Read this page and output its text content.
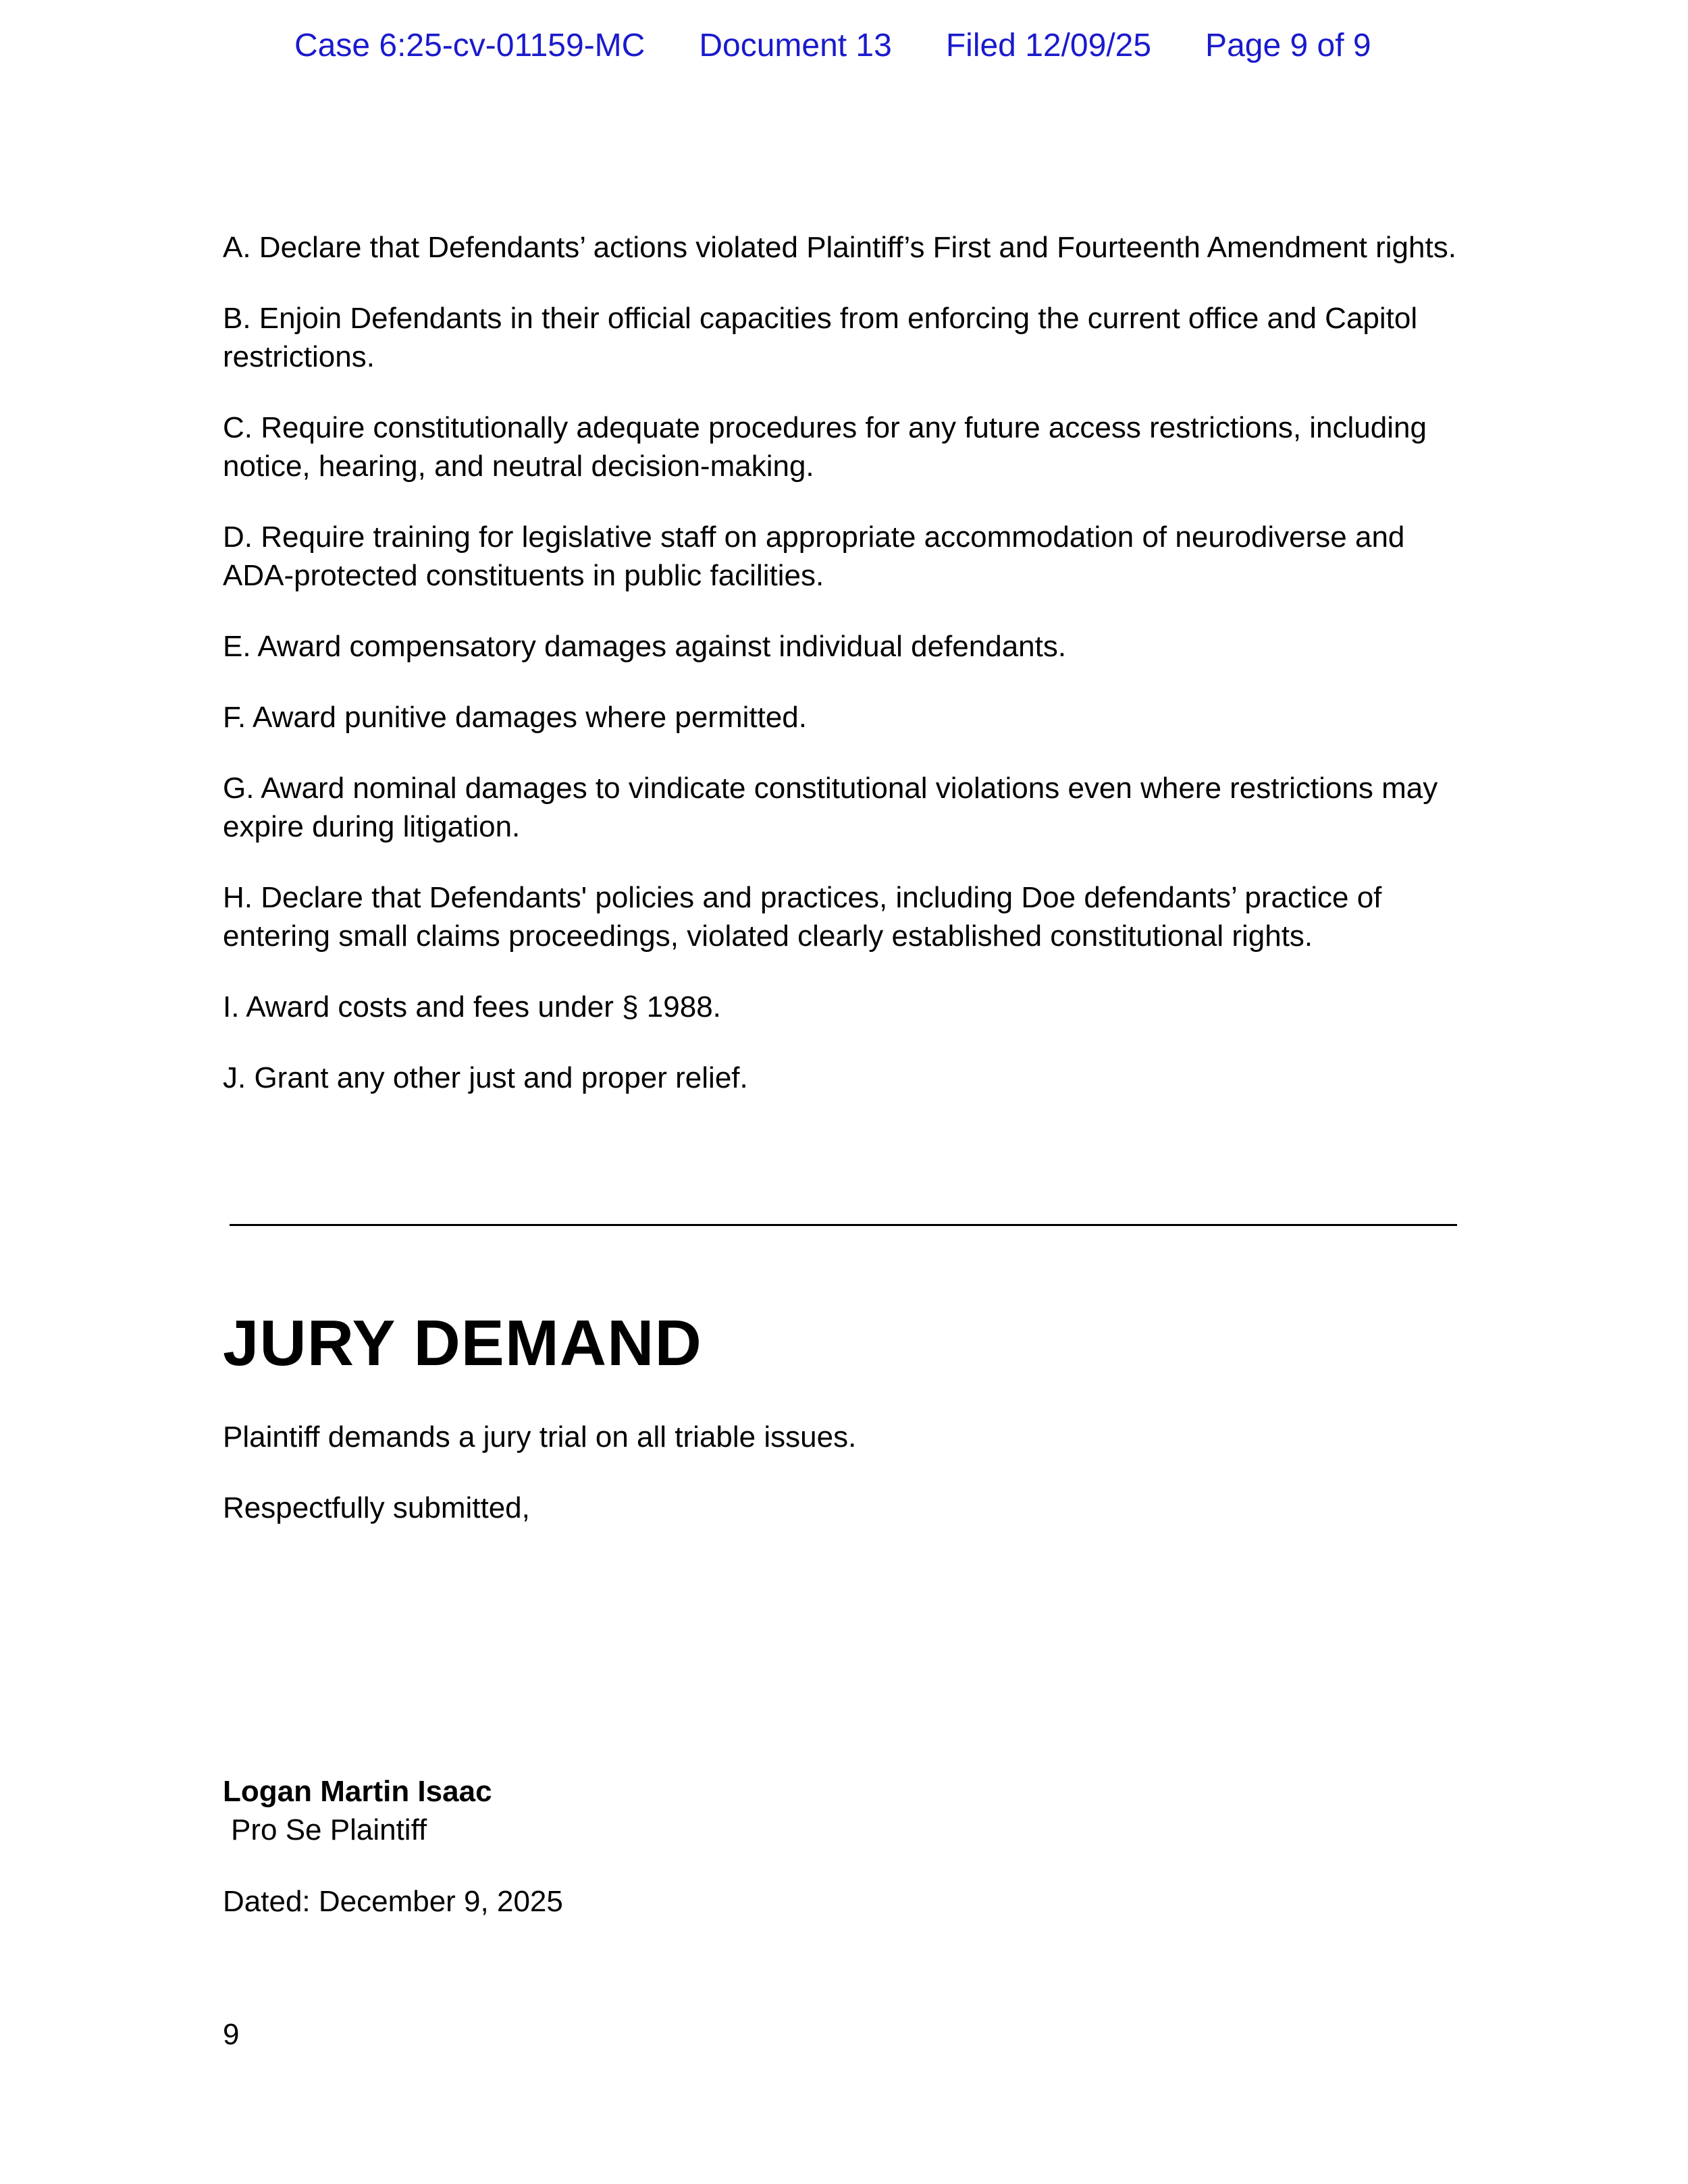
Case 6:25-cv-01159-MC Document 13 Filed 12/09/25 Page 9 of 9

A. Declare that Defendants’ actions violated Plaintiff’s First and Fourteenth Amendment rights.

B. Enjoin Defendants in their official capacities from enforcing the current office and Capitol restrictions.

C. Require constitutionally adequate procedures for any future access restrictions, including notice, hearing, and neutral decision-making.

D. Require training for legislative staff on appropriate accommodation of neurodiverse and ADA-protected constituents in public facilities.

E. Award compensatory damages against individual defendants.

F. Award punitive damages where permitted.

G. Award nominal damages to vindicate constitutional violations even where restrictions may expire during litigation.

H. Declare that Defendants' policies and practices, including Doe defendants’ practice of entering small claims proceedings, violated clearly established constitutional rights.

I. Award costs and fees under § 1988.

J. Grant any other just and proper relief.

JURY DEMAND

Plaintiff demands a jury trial on all triable issues.

Respectfully submitted,

Logan Martin Isaac
Pro Se Plaintiff
Dated: December 9, 2025
9
